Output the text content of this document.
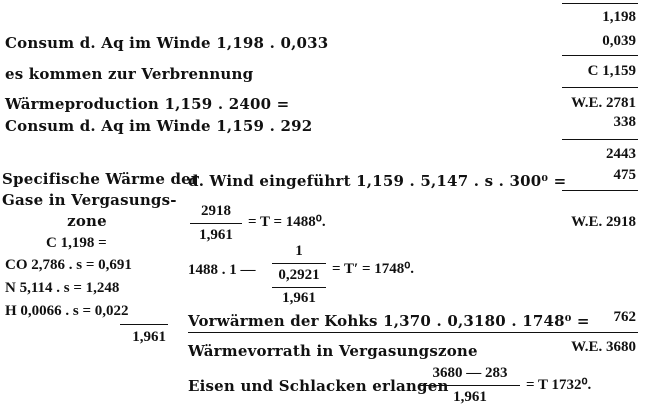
1,198
Consum d. Aq im Winde 1,198 . 0,033	0,039
es kommen zur Verbrennung	C 1,159
Wärmeproduction 1,159 . 2400 =	W.E. 2781
Consum d. Aq im Winde 1,159 . 292	338
2443
Specifische Wärme der
Gase in Vergasungs-
zone
C 1,198 =
CO 2,786 . s = 0,691
N 5,114 . s = 1,248
H 0,0066 . s = 0,022
1,961
d. Wind eingeführt 1,159 . 5,147 . s . 300⁰ =	475
2918
1,961
= T = 1488⁰.	W.E. 2918
1488 . 1 —
1
0,2921
1,961
= T′ = 1748⁰.
Vorwärmen der Kohks 1,370 . 0,3180 . 1748⁰ = 762
Wärmevorrath in Vergasungszone	W.E. 3680
Eisen und Schlacken erlangen
3680 — 283
1,961
= T 1732⁰.
